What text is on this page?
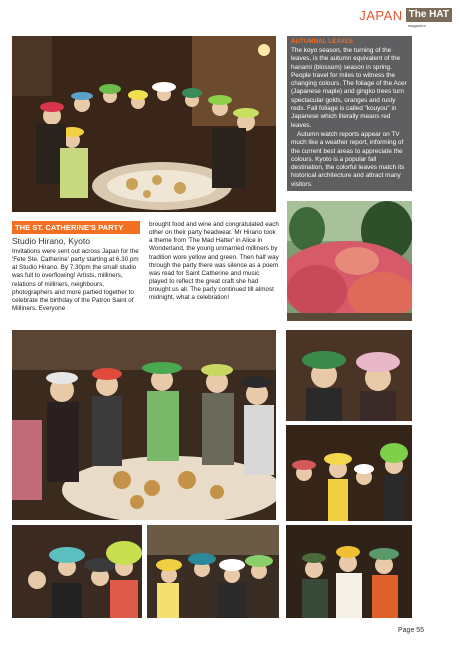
JAPAN The HAT
magazine
AUTUMNAL LEAVES

The koyo season, the turning of the leaves, is the autumn equivalent of the hanami (blossom) season in spring. People travel for miles to witness the changing colours. The foliage of the Acer (Japanese maple) and gingko trees turn spectacular golds, oranges and rusty reds. Fall foliage is called "kouyou" in Japanese which literally means red leaves.

Autumn watch reports appear on TV much like a weather report, informing of the current best areas to appreciate the colours. Kyoto is a popular fall destination, the colorful leaves match its historical architecture and attract many visitors.

THE ST. CATHERINE'S PARTY
Studio Hirano, Kyoto

Invitations were sent out across Japan for the 'Fete Ste. Catherine' party starting at 6.30 pm at Studio Hirano. By 7.30pm the small studio was full to overflowing! Artists, milliners, relations of milliners, neighbours, photographers and more partied together to celebrate the birthday of the Patron Saint of Milliners. Everyone

brought food and wine and congratulated each other on their party headwear. Mr Hirano took a theme from 'The Mad Hatter' in Alice in Wonderland, the young unmarried milliners by tradition wore yellow and green. Then half way through the party there was silence as a poem was read for Saint Catherine and music played to reflect the great craft she had brought us all. The party continued till almost midnight, what a celebration!

Page 55
